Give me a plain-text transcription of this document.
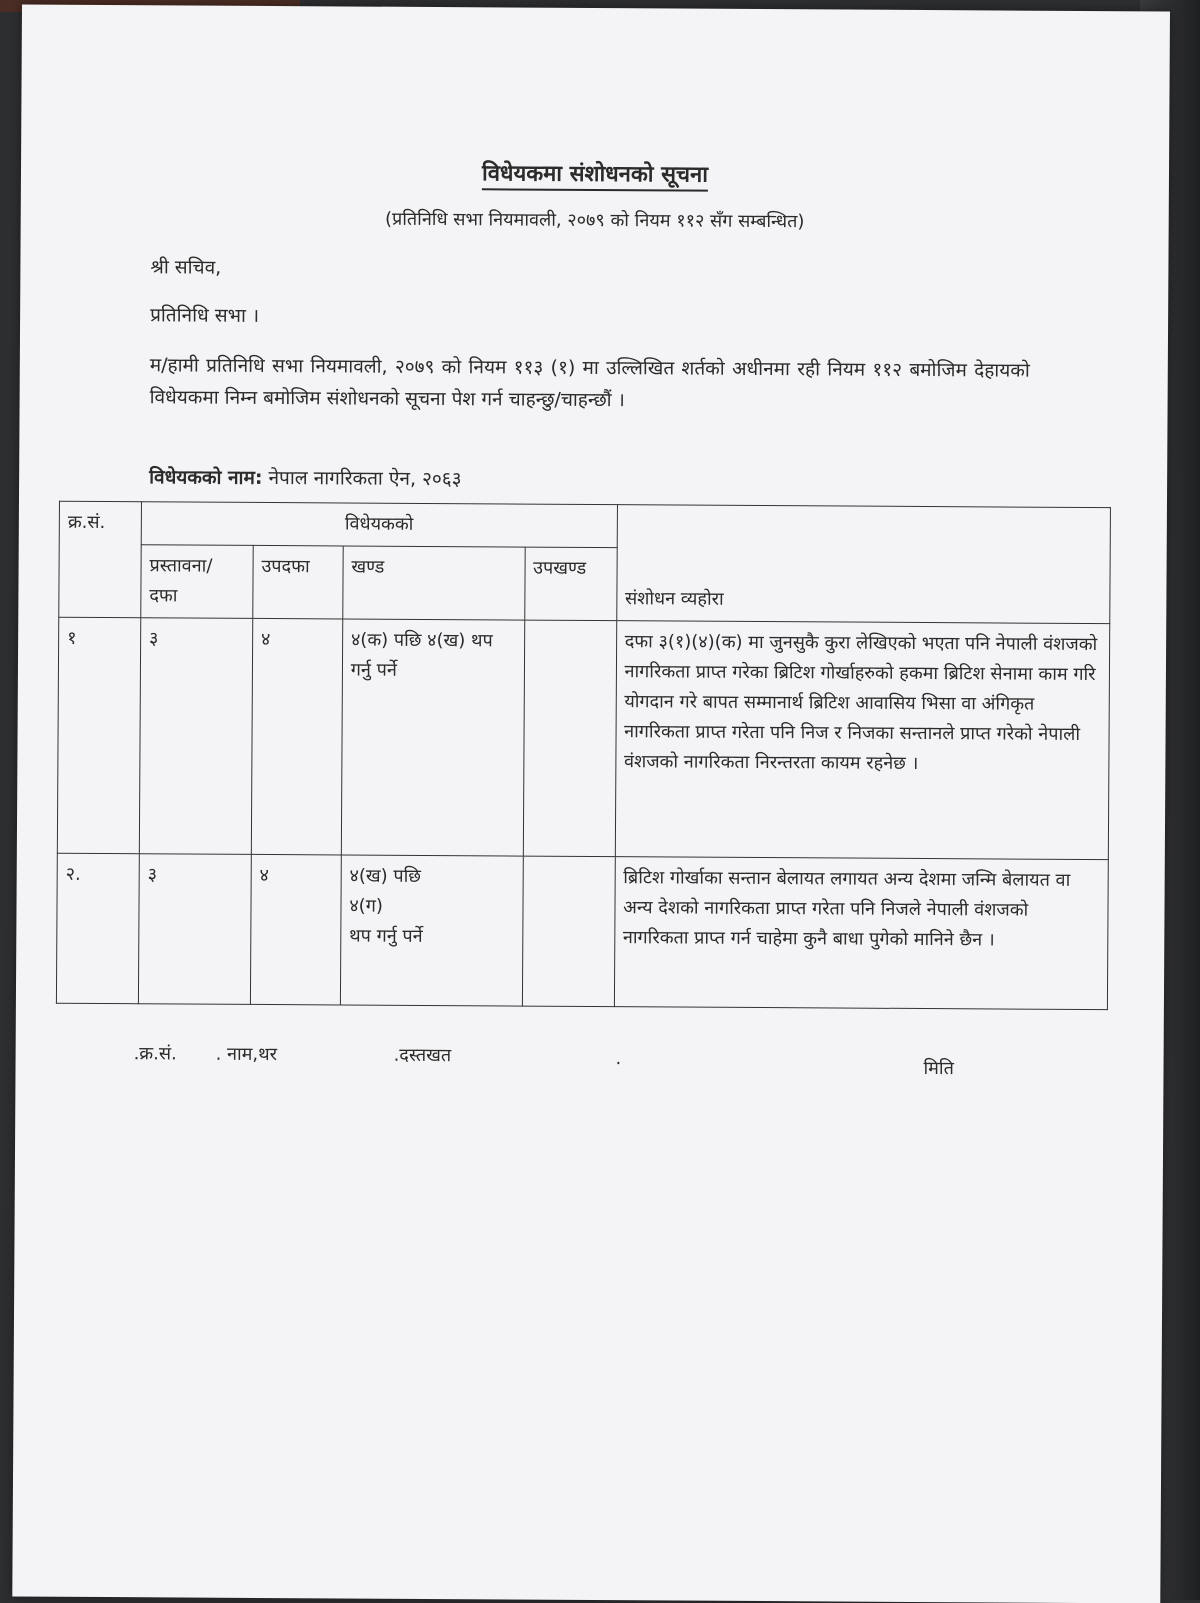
विधेयकमा संशोधनको सूचना
(प्रतिनिधि सभा नियमावली, २०७९ को नियम ११२ सँग सम्बन्धित)
श्री सचिव,
प्रतिनिधि सभा ।
म/हामी प्रतिनिधि सभा नियमावली, २०७९ को नियम ११३ (१) मा उल्लिखित शर्तको अधीनमा रही नियम ११२ बमोजिम देहायको विधेयकमा निम्न बमोजिम संशोधनको सूचना पेश गर्न चाहन्छु/चाहन्छौं ।
विधेयकको नाम: नेपाल नागरिकता ऐन, २०६३
क्र.सं.	विधेयकको				संशोधन व्यहोरा
	प्रस्तावना/ दफा	उपदफा	खण्ड	उपखण्ड	
१	३	४	४(क) पछि ४(ख) थप गर्नु पर्ने		दफा ३(१)(४)(क) मा जुनसुकै कुरा लेखिएको भएता पनि नेपाली वंशजको नागरिकता प्राप्त गरेका ब्रिटिश गोर्खाहरुको हकमा ब्रिटिश सेनामा काम गरि योगदान गरे बापत सम्मानार्थ ब्रिटिश आवासिय भिसा वा अंगिकृत नागरिकता प्राप्त गरेता पनि निज र निजका सन्तानले प्राप्त गरेको नेपाली वंशजको नागरिकता निरन्तरता कायम रहनेछ ।
२.	३	४	४(ख) पछि
४(ग)
थप गर्नु पर्ने		ब्रिटिश गोर्खाका सन्तान बेलायत लगायत अन्य देशमा जन्मि बेलायत वा अन्य देशको नागरिकता प्राप्त गरेता पनि निजले नेपाली वंशजको नागरिकता प्राप्त गर्न चाहेमा कुनै बाधा पुगेको मानिने छैन ।
.क्र.सं. . नाम,थर	.दस्तखत	.	मिति
